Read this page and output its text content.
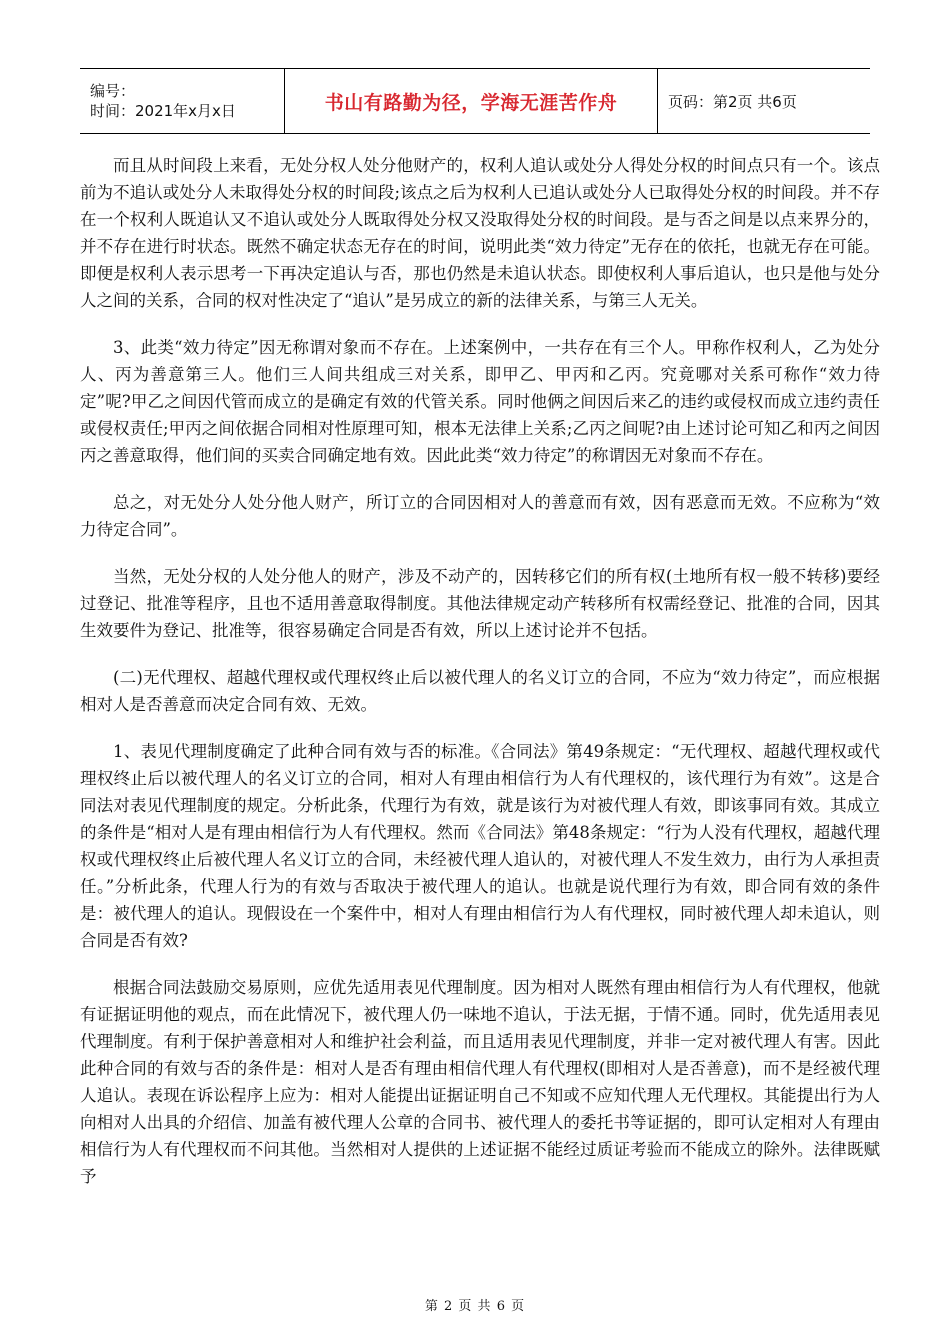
编号：
时间：2021年x月x日	书山有路勤为径，学海无涯苦作舟	页码：第2页 共6页

而且从时间段上来看，无处分权人处分他财产的，权利人追认或处分人得处分权的时间点只有一个。该点前为不追认或处分人未取得处分权的时间段;该点之后为权利人已追认或处分人已取得处分权的时间段。并不存在一个权利人既追认又不追认或处分人既取得处分权又没取得处分权的时间段。是与否之间是以点来界分的，并不存在进行时状态。既然不确定状态无存在的时间，说明此类“效力待定”无存在的依托，也就无存在可能。即便是权利人表示思考一下再决定追认与否，那也仍然是未追认状态。即使权利人事后追认，也只是他与处分人之间的关系，合同的权对性决定了“追认”是另成立的新的法律关系，与第三人无关。

3、此类“效力待定”因无称谓对象而不存在。上述案例中，一共存在有三个人。甲称作权利人，乙为处分人、丙为善意第三人。他们三人间共组成三对关系，即甲乙、甲丙和乙丙。究竟哪对关系可称作“效力待定”呢?甲乙之间因代管而成立的是确定有效的代管关系。同时他俩之间因后来乙的违约或侵权而成立违约责任或侵权责任;甲丙之间依据合同相对性原理可知，根本无法律上关系;乙丙之间呢?由上述讨论可知乙和丙之间因丙之善意取得，他们间的买卖合同确定地有效。因此此类“效力待定”的称谓因无对象而不存在。

总之，对无处分人处分他人财产，所订立的合同因相对人的善意而有效，因有恶意而无效。不应称为“效力待定合同”。

当然，无处分权的人处分他人的财产，涉及不动产的，因转移它们的所有权(土地所有权一般不转移)要经过登记、批准等程序，且也不适用善意取得制度。其他法律规定动产转移所有权需经登记、批准的合同，因其生效要件为登记、批准等，很容易确定合同是否有效，所以上述讨论并不包括。

(二)无代理权、超越代理权或代理权终止后以被代理人的名义订立的合同，不应为“效力待定”，而应根据相对人是否善意而决定合同有效、无效。

1、表见代理制度确定了此种合同有效与否的标准。《合同法》第49条规定：“无代理权、超越代理权或代理权终止后以被代理人的名义订立的合同，相对人有理由相信行为人有代理权的，该代理行为有效”。这是合同法对表见代理制度的规定。分析此条，代理行为有效，就是该行为对被代理人有效，即该事同有效。其成立的条件是“相对人是有理由相信行为人有代理权。然而《合同法》第48条规定：“行为人没有代理权，超越代理权或代理权终止后被代理人名义订立的合同，未经被代理人追认的，对被代理人不发生效力，由行为人承担责任。”分析此条，代理人行为的有效与否取决于被代理人的追认。也就是说代理行为有效，即合同有效的条件是：被代理人的追认。现假设在一个案件中，相对人有理由相信行为人有代理权，同时被代理人却未追认，则合同是否有效?

根据合同法鼓励交易原则，应优先适用表见代理制度。因为相对人既然有理由相信行为人有代理权，他就有证据证明他的观点，而在此情况下，被代理人仍一味地不追认，于法无据，于情不通。同时，优先适用表见代理制度。有利于保护善意相对人和维护社会利益，而且适用表见代理制度，并非一定对被代理人有害。因此此种合同的有效与否的条件是：相对人是否有理由相信代理人有代理权(即相对人是否善意)，而不是经被代理人追认。表现在诉讼程序上应为：相对人能提出证据证明自己不知或不应知代理人无代理权。其能提出行为人向相对人出具的介绍信、加盖有被代理人公章的合同书、被代理人的委托书等证据的，即可认定相对人有理由相信行为人有代理权而不问其他。当然相对人提供的上述证据不能经过质证考验而不能成立的除外。法律既赋予

第 2 页 共 6 页
